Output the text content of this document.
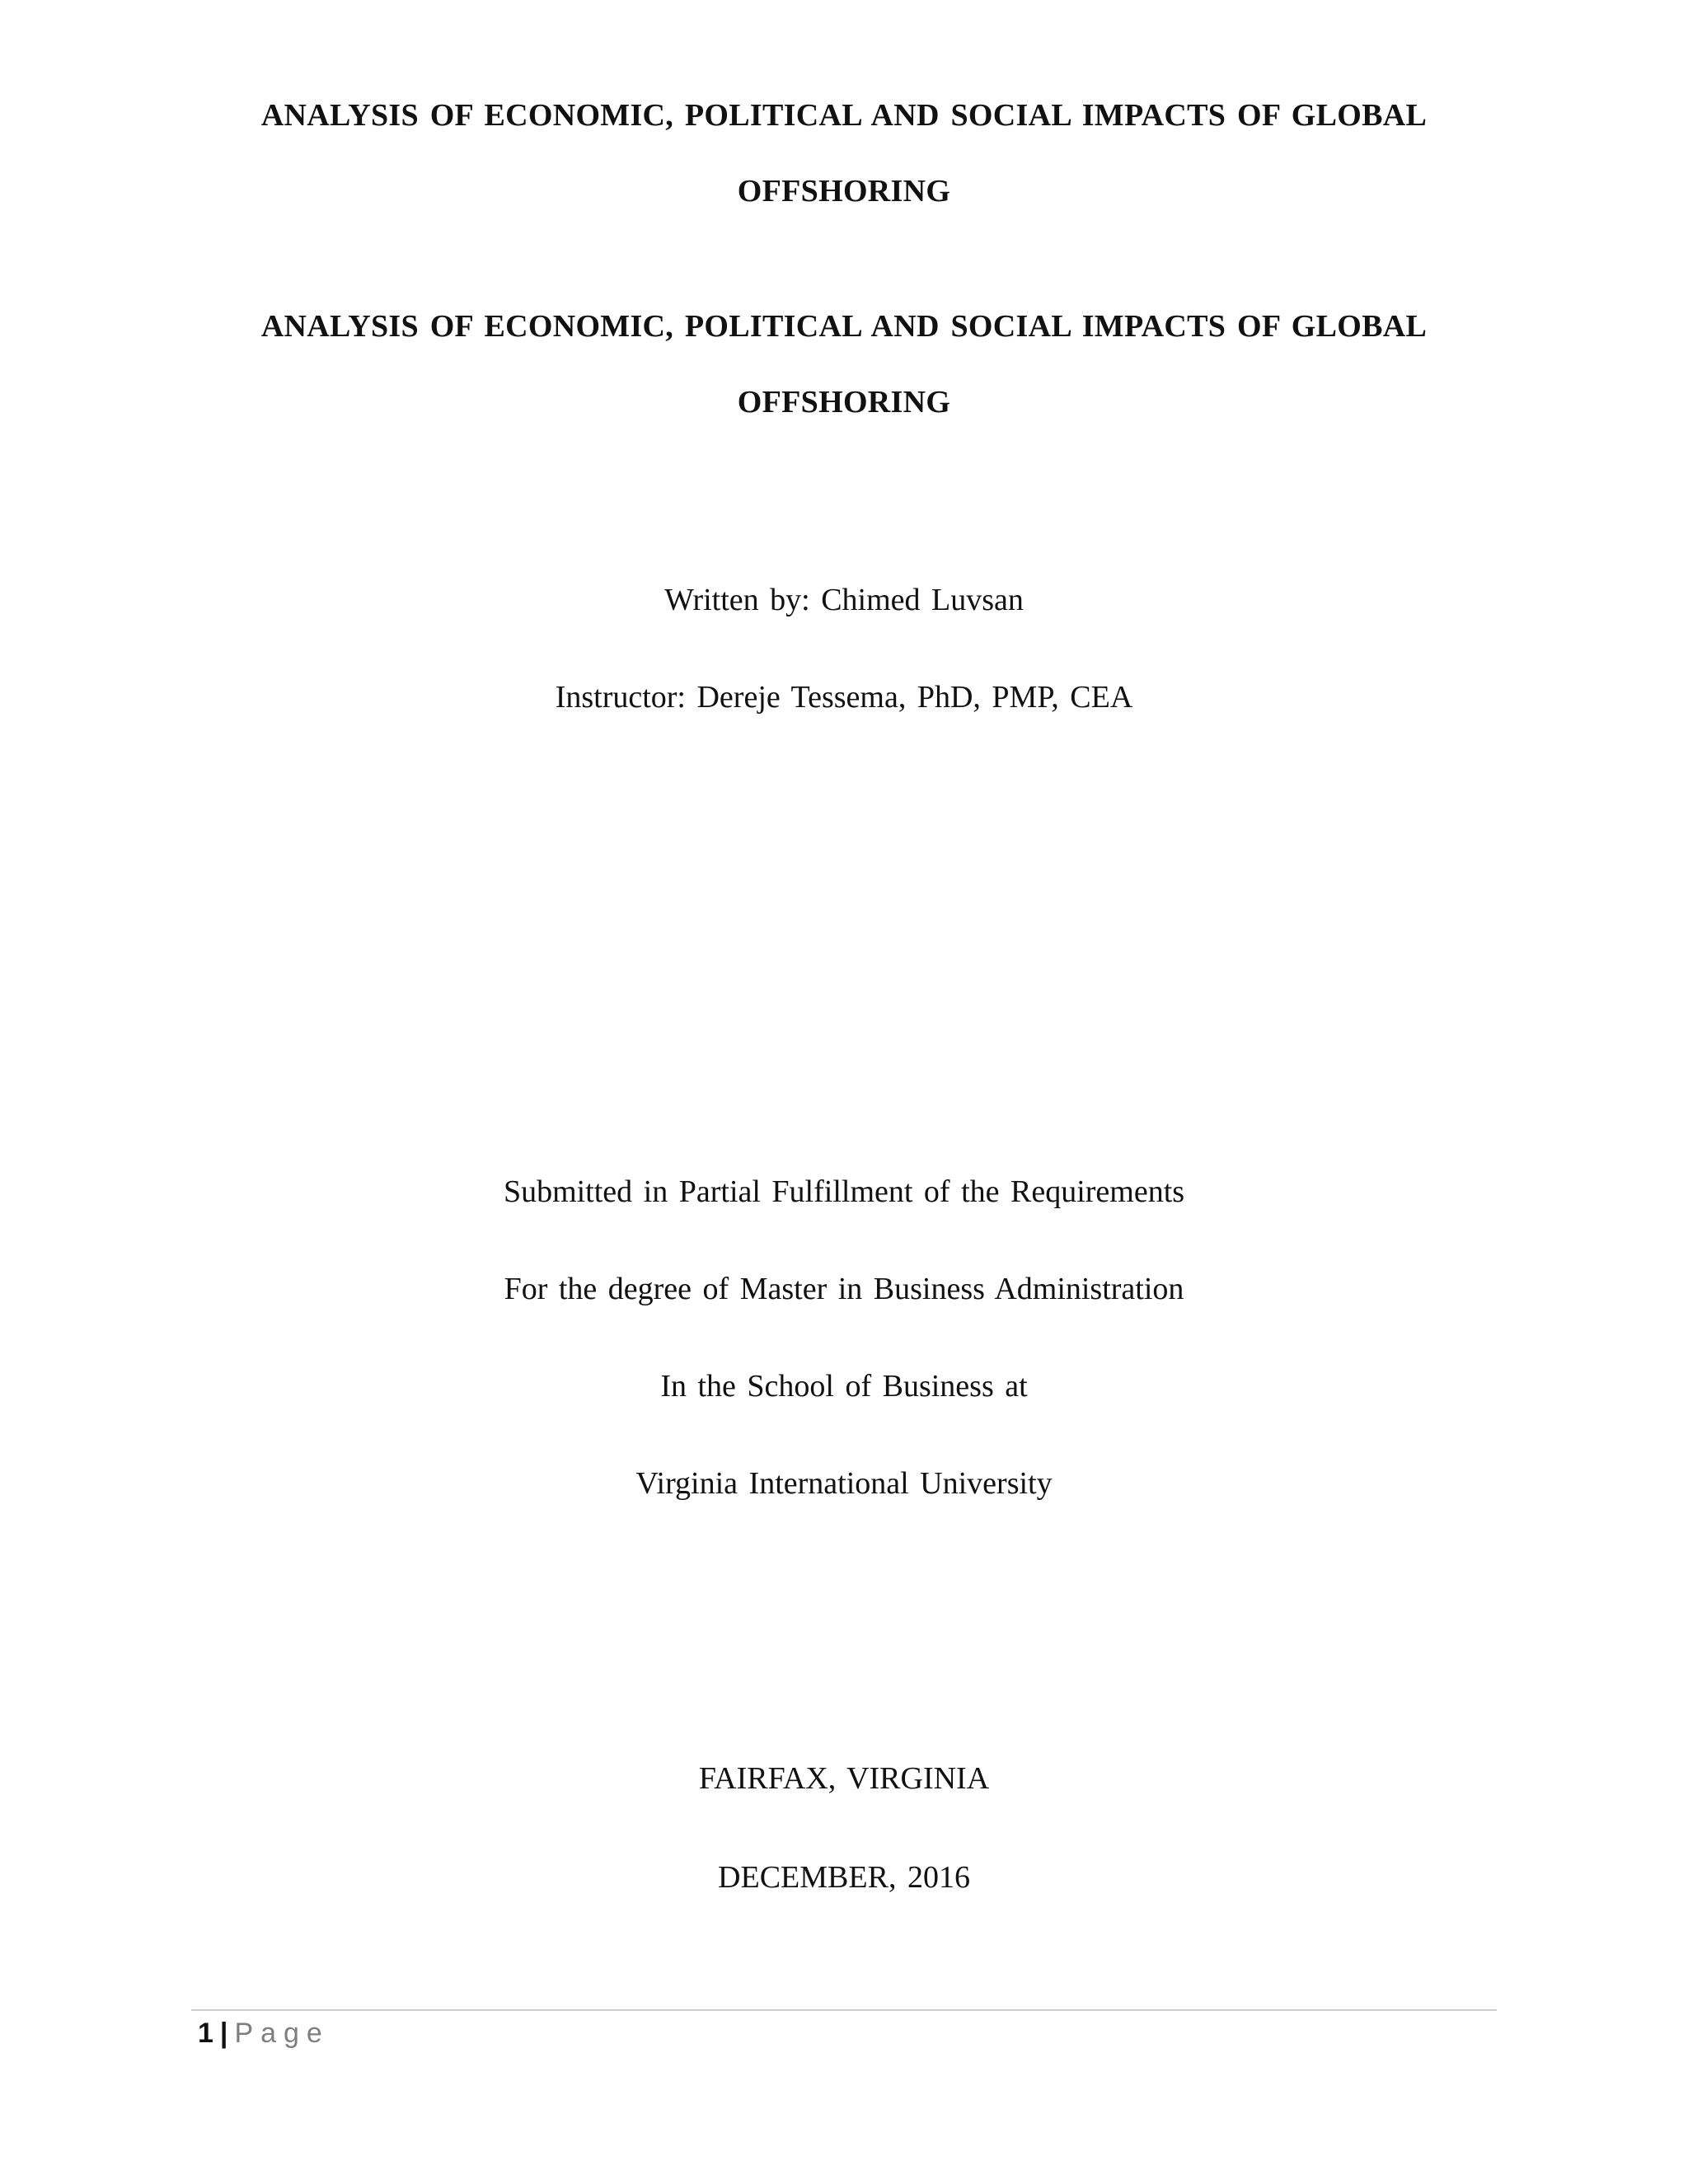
ANALYSIS OF ECONOMIC, POLITICAL AND SOCIAL IMPACTS OF GLOBAL
OFFSHORING
ANALYSIS OF ECONOMIC, POLITICAL AND SOCIAL IMPACTS OF GLOBAL
OFFSHORING
Written by: Chimed Luvsan
Instructor: Dereje Tessema, PhD, PMP, CEA
Submitted in Partial Fulfillment of the Requirements
For the degree of Master in Business Administration
In the School of Business at
Virginia International University
FAIRFAX, VIRGINIA
DECEMBER, 2016
1 | Page
